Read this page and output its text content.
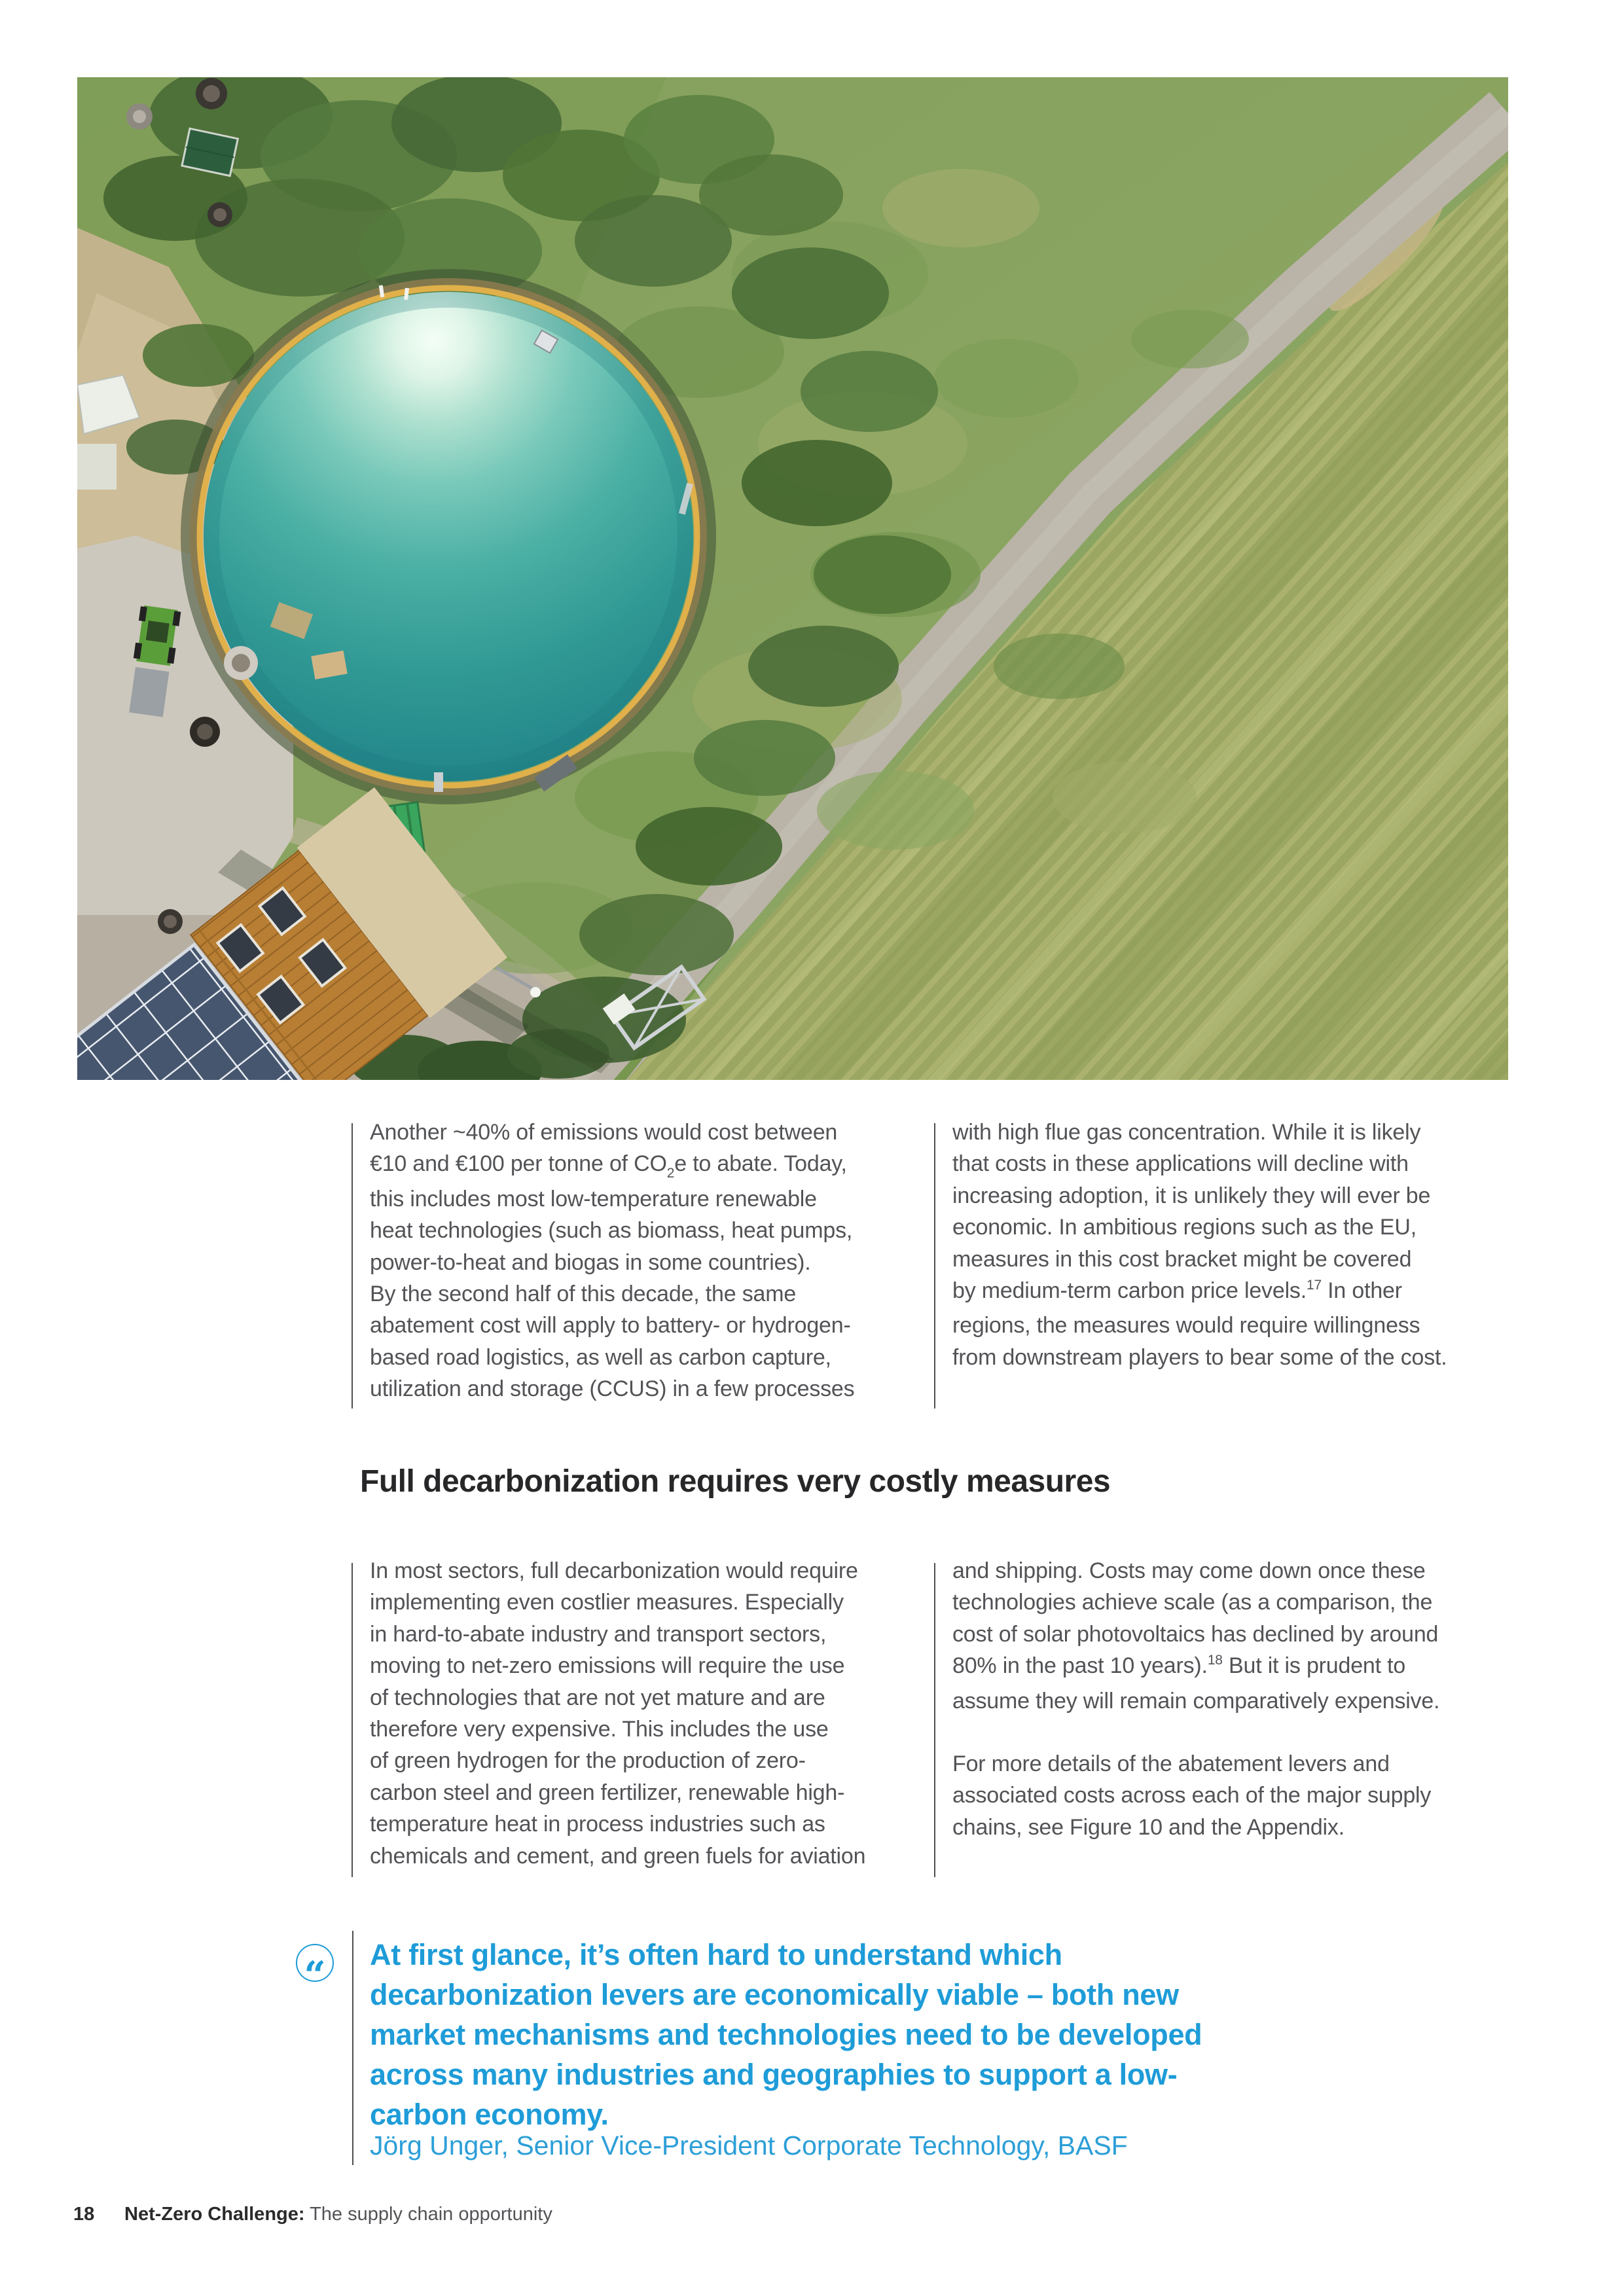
Another ~40% of emissions would cost between
€10 and €100 per tonne of $CO_2e$ to abate. Today,
this includes most low-temperature renewable
heat technologies (such as biomass, heat pumps,
power-to-heat and biogas in some countries).
By the second half of this decade, the same
abatement cost will apply to battery- or hydrogen-
based road logistics, as well as carbon capture,
utilization and storage (CCUS) in a few processes
with high flue gas concentration. While it is likely
that costs in these applications will decline with
increasing adoption, it is unlikely they will ever be
economic. In ambitious regions such as the EU,
measures in this cost bracket might be covered
by medium-term carbon price levels.$^{17}$ In other
regions, the measures would require willingness
from downstream players to bear some of the cost.
Full decarbonization requires very costly measures
In most sectors, full decarbonization would require
implementing even costlier measures. Especially
in hard-to-abate industry and transport sectors,
moving to net-zero emissions will require the use
of technologies that are not yet mature and are
therefore very expensive. This includes the use
of green hydrogen for the production of zero-
carbon steel and green fertilizer, renewable high-
temperature heat in process industries such as
chemicals and cement, and green fuels for aviation
and shipping. Costs may come down once these
technologies achieve scale (as a comparison, the
cost of solar photovoltaics has declined by around
80% in the past 10 years).$^{18}$ But it is prudent to
assume they will remain comparatively expensive.
For more details of the abatement levers and
associated costs across each of the major supply
chains, see Figure 10 and the Appendix.
“ At first glance, it’s often hard to understand which
decarbonization levers are economically viable – both new
market mechanisms and technologies need to be developed
across many industries and geographies to support a low-
carbon economy.
Jörg Unger, Senior Vice-President Corporate Technology, BASF
18 Net-Zero Challenge: The supply chain opportunity
